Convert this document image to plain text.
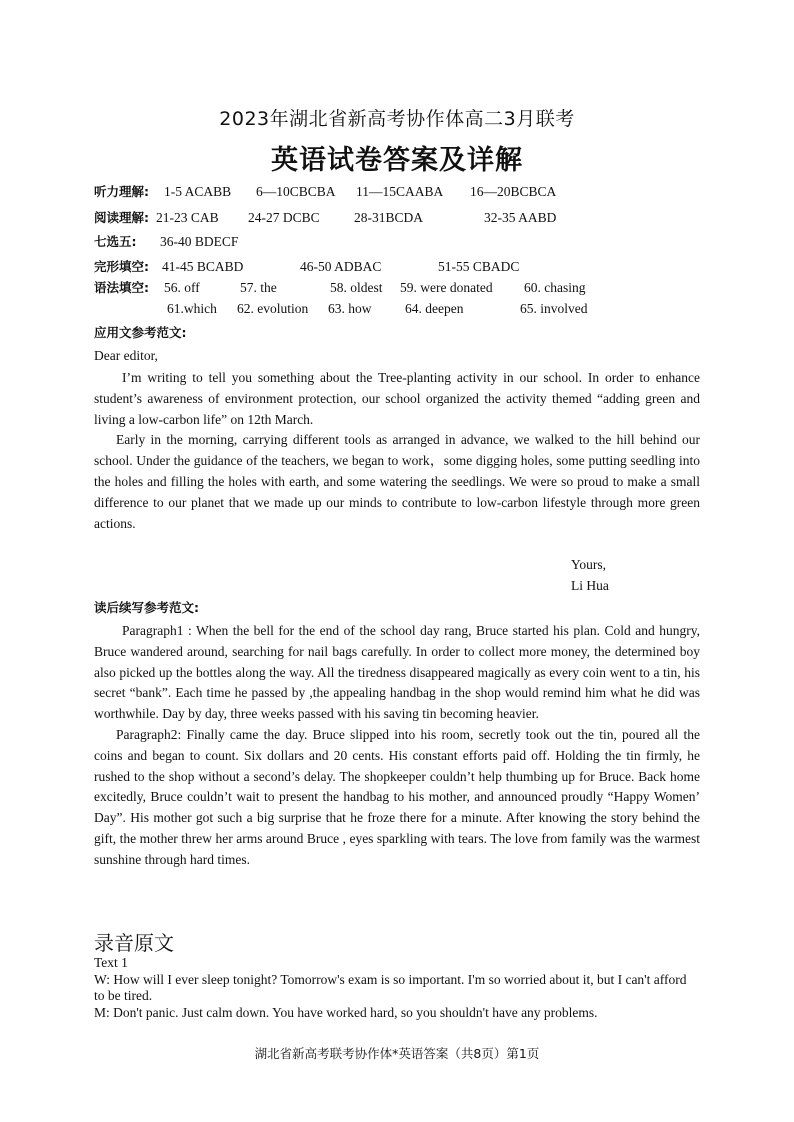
2023年湖北省新高考协作体高二3月联考
英语试卷答案及详解
听力理解: 1-5 ACABB 6—10CBCBA 11—15CAABA 16—20BCBCA
阅读理解: 21-23 CAB 24-27 DCBC	28-31BCDA	32-35 AABD
七选五: 36-40 BDECF
完形填空: 41-45 BCABD	46-50 ADBAC	51-55 CBADC
语法填空: 56. off	57. the	58. oldest 59. were donated 60. chasing
61.which 62. evolution 63. how 64. deepen	65. involved
应用文参考范文:
Dear editor,

I’m writing to tell you something about the Tree-planting activity in our school. In order to enhance student’s awareness of environment protection, our school organized the activity themed “adding green and living a low-carbon life” on 12th March.

Early in the morning, carrying different tools as arranged in advance, we walked to the hill behind our school. Under the guidance of the teachers, we began to work，some digging holes, some putting seedling into the holes and filling the holes with earth, and some watering the seedlings. We were so proud to make a small difference to our planet that we made up our minds to contribute to low-carbon lifestyle through more green actions.

Yours,
Li Hua
读后续写参考范文:

Paragraph1 : When the bell for the end of the school day rang, Bruce started his plan. Cold and hungry, Bruce wandered around, searching for nail bags carefully. In order to collect more money, the determined boy also picked up the bottles along the way. All the tiredness disappeared magically as every coin went to a tin, his secret “bank”. Each time he passed by ,the appealing handbag in the shop would remind him what he did was worthwhile. Day by day, three weeks passed with his saving tin becoming heavier.

Paragraph2: Finally came the day. Bruce slipped into his room, secretly took out the tin, poured all the coins and began to count. Six dollars and 20 cents. His constant efforts paid off. Holding the tin firmly, he rushed to the shop without a second’s delay. The shopkeeper couldn’t help thumbing up for Bruce. Back home excitedly, Bruce couldn’t wait to present the handbag to his mother, and announced proudly “Happy Women’ Day”. His mother got such a big surprise that he froze there for a minute. After knowing the story behind the gift, the mother threw her arms around Bruce , eyes sparkling with tears. The love from family was the warmest sunshine through hard times.

录音原文
Text 1
W: How will I ever sleep tonight? Tomorrow's exam is so important. I'm so worried about it, but I can't afford to be tired.
M: Don't panic. Just calm down. You have worked hard, so you shouldn't have any problems.
湖北省新高考联考协作体*英语答案（共8页）第1页
